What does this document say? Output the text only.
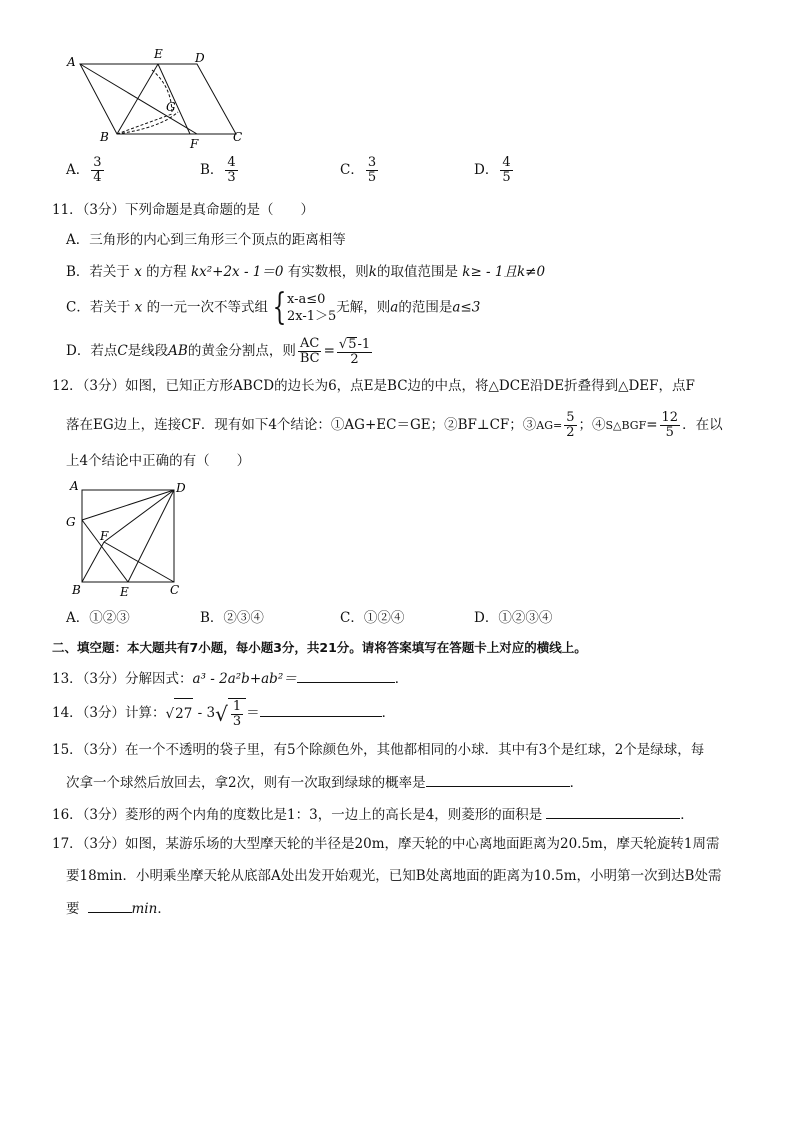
A
E	D
G
B	F	C
A． $\frac{3}{4}$	B． $\frac{4}{3}$	C． $\frac{3}{5}$	D． $\frac{4}{5}$
11．（3分）下列命题是真命题的是（　　）
A．三角形的内心到三角形三个顶点的距离相等
B．若关于 x 的方程 kx²+2x - 1＝0 有实数根，则k的取值范围是 k≥ - 1且k≠0
C．若关于 x 的一元一次不等式组 { x-a≤0
2x-1＞5
无解，则a的范围是a≤3
D．若点C是线段AB的黄金分割点，则 $\frac{AC}{BC} = \frac{√ 5 -1}{2}$
12．（3分）如图，已知正方形ABCD的边长为6，点E是BC边的中点，将△DCE沿DE折叠得到△DEF，点F
落在EG边上，连接CF．现有如下4个结论：①AG+EC＝GE；②BF⊥CF；③AG= $\frac{5}{2}$ ；④S△BGF= $\frac{12}{5}$ ．在以
上4个结论中正确的有（　　）
A	D
G
F
B	E	C
A．①②③	B．②③④	C．①②④	D．①②③④
二、填空题：本大题共有7小题，每小题3分，共21分。请将答案填写在答题卡上对应的横线上。
13．（3分）分解因式：a³ - 2a²b+ab²＝	．
14．（3分）计算： √ 27 - 3 √ $\frac{1}{3}$ ＝	．
15．（3分）在一个不透明的袋子里，有5个除颜色外，其他都相同的小球．其中有3个是红球，2个是绿球，每
次拿一个球然后放回去，拿2次，则有一次取到绿球的概率是	．
16．（3分）菱形的两个内角的度数比是1：3，一边上的高长是4，则菱形的面积是	．
17．（3分）如图，某游乐场的大型摩天轮的半径是20m，摩天轮的中心离地面距离为20.5m，摩天轮旋转1周需
要18min．小明乘坐摩天轮从底部A处出发开始观光，已知B处离地面的距离为10.5m，小明第一次到达B处需
要	min．
